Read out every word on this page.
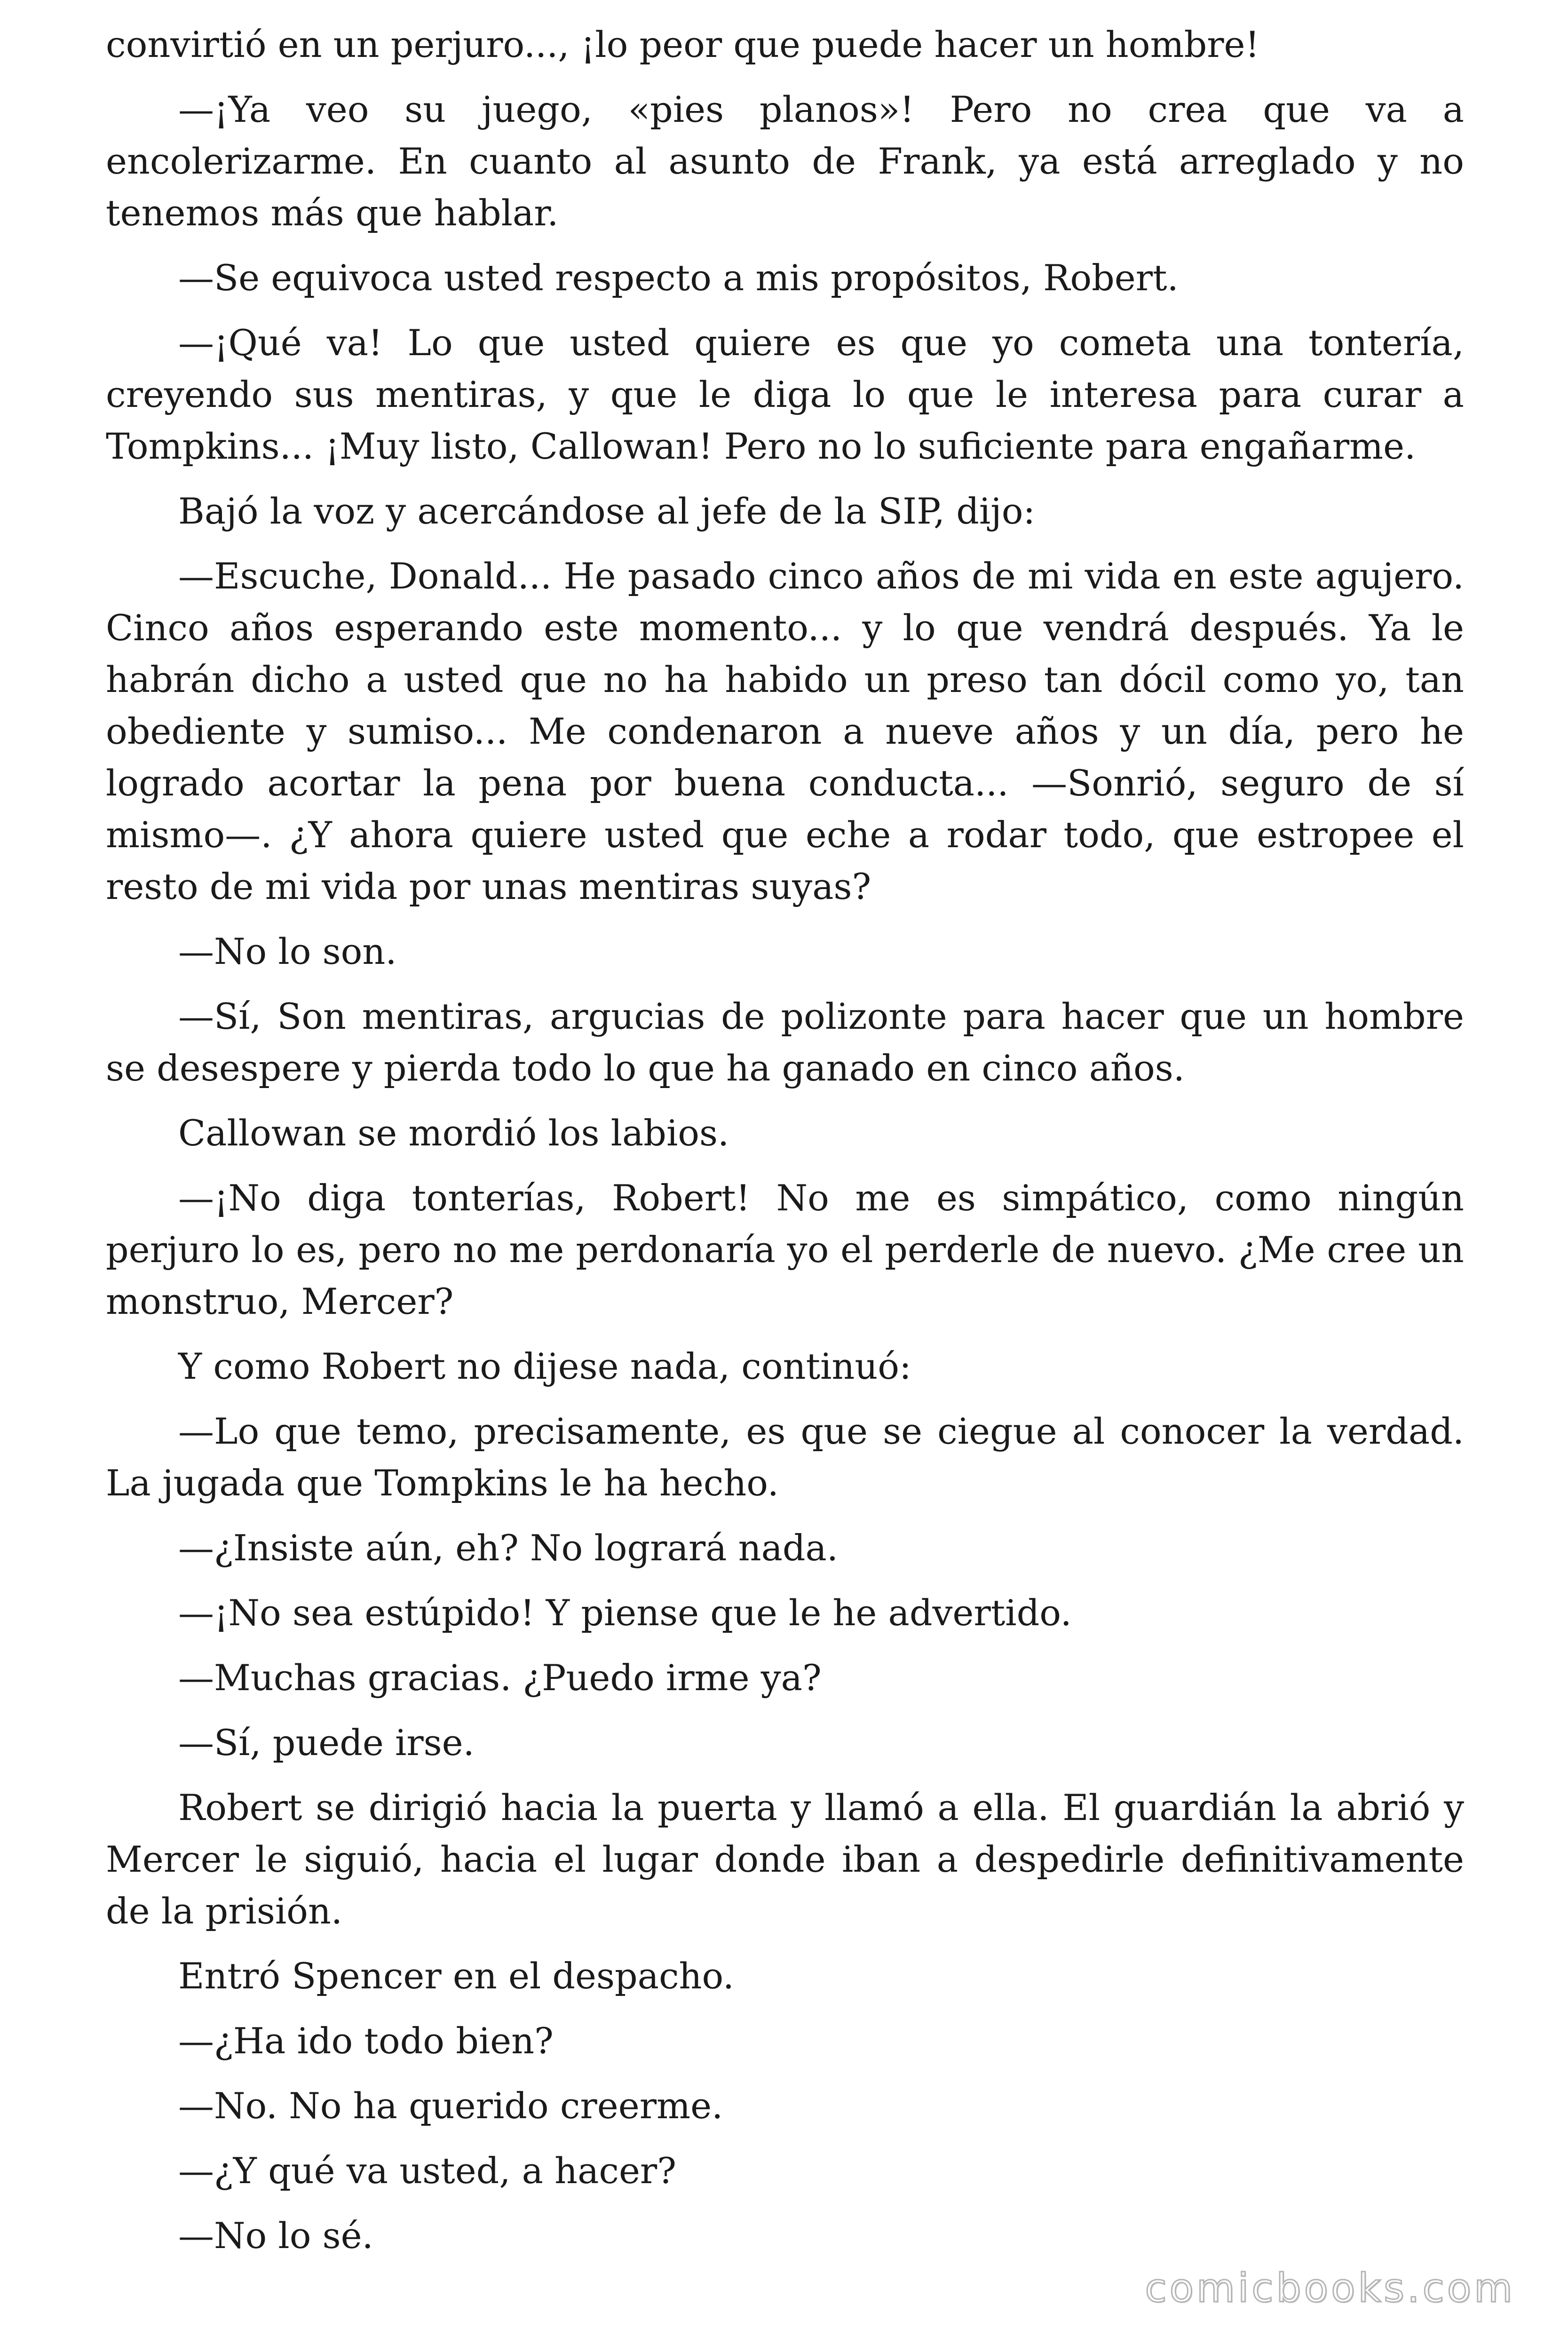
convirtió en un perjuro..., ¡lo peor que puede hacer un hombre!

—¡Ya veo su juego, «pies planos»! Pero no crea que va a encolerizarme. En cuanto al asunto de Frank, ya está arreglado y no tenemos más que hablar.

—Se equivoca usted respecto a mis propósitos, Robert.

—¡Qué va! Lo que usted quiere es que yo cometa una tontería, creyendo sus mentiras, y que le diga lo que le interesa para curar a Tompkins... ¡Muy listo, Callowan! Pero no lo suficiente para engañarme.

Bajó la voz y acercándose al jefe de la SIP, dijo:

—Escuche, Donald... He pasado cinco años de mi vida en este agujero. Cinco años esperando este momento... y lo que vendrá después. Ya le habrán dicho a usted que no ha habido un preso tan dócil como yo, tan obediente y sumiso... Me condenaron a nueve años y un día, pero he logrado acortar la pena por buena conducta... —Sonrió, seguro de sí mismo—. ¿Y ahora quiere usted que eche a rodar todo, que estropee el resto de mi vida por unas mentiras suyas?

—No lo son.

—Sí, Son mentiras, argucias de polizonte para hacer que un hombre se desespere y pierda todo lo que ha ganado en cinco años.

Callowan se mordió los labios.

—¡No diga tonterías, Robert! No me es simpático, como ningún perjuro lo es, pero no me perdonaría yo el perderle de nuevo. ¿Me cree un monstruo, Mercer?

Y como Robert no dijese nada, continuó:

—Lo que temo, precisamente, es que se ciegue al conocer la verdad. La jugada que Tompkins le ha hecho.

—¿Insiste aún, eh? No logrará nada.

—¡No sea estúpido! Y piense que le he advertido.

—Muchas gracias. ¿Puedo irme ya?

—Sí, puede irse.

Robert se dirigió hacia la puerta y llamó a ella. El guardián la abrió y Mercer le siguió, hacia el lugar donde iban a despedirle definitivamente de la prisión.

Entró Spencer en el despacho.

—¿Ha ido todo bien?

—No. No ha querido creerme.

—¿Y qué va usted, a hacer?

—No lo sé.

comicbooks.com
